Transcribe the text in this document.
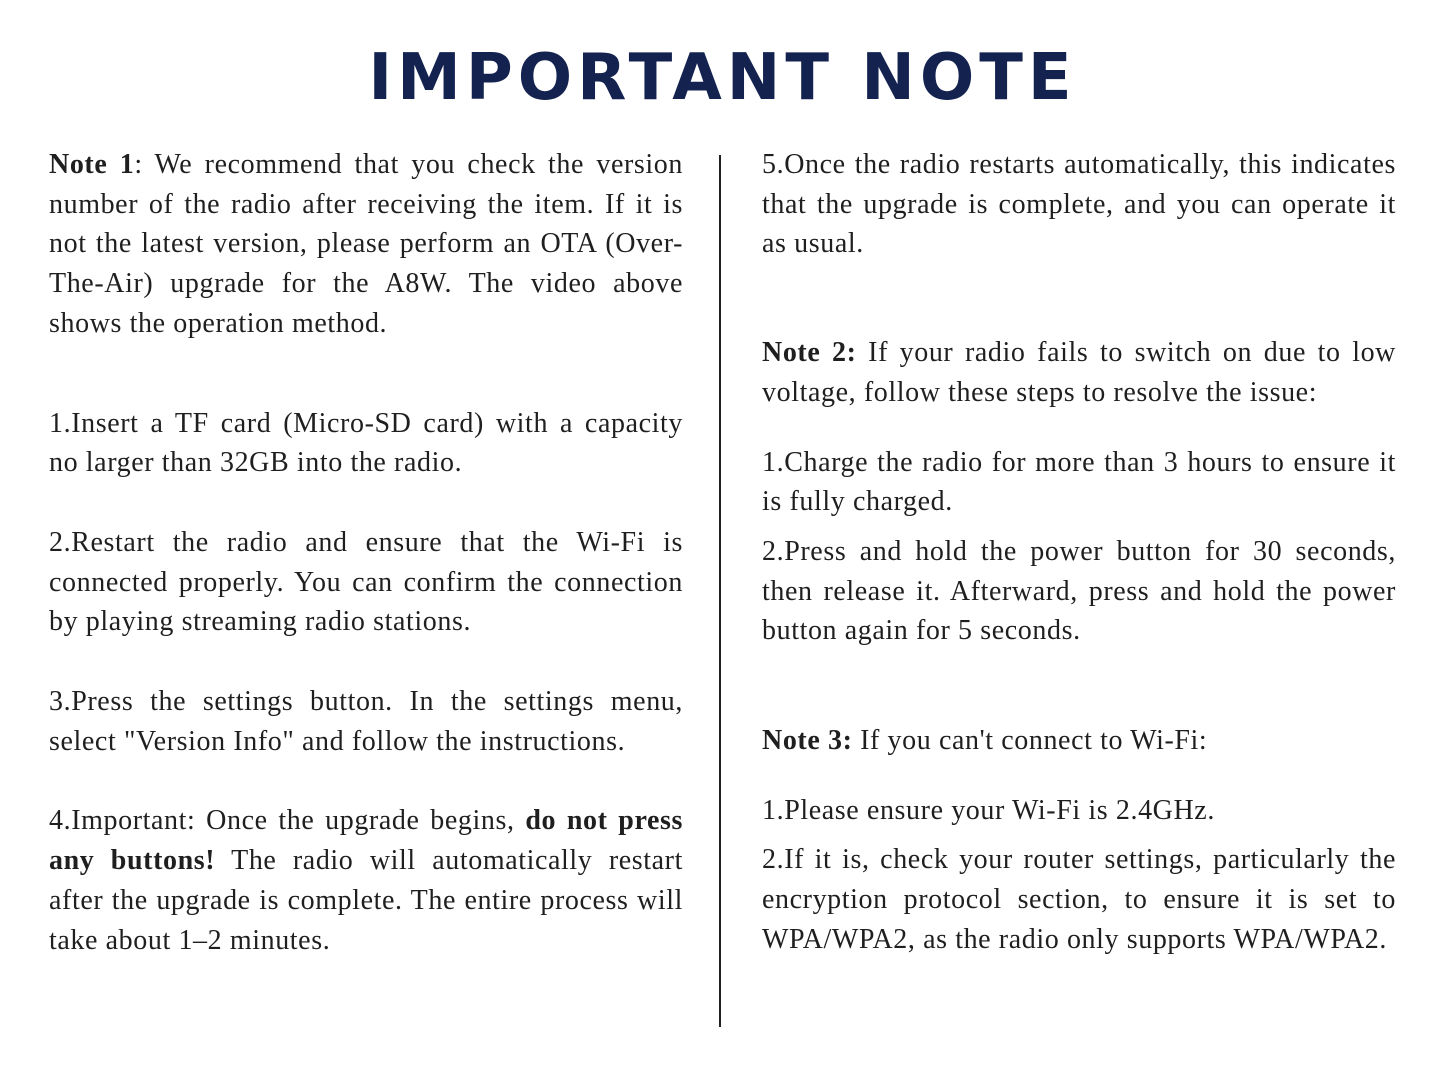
IMPORTANT NOTE

Note 1: We recommend that you check the version number of the radio after receiving the item. If it is not the latest version, please perform an OTA (Over-The-Air) upgrade for the A8W. The video above shows the operation method.

1.Insert a TF card (Micro-SD card) with a capacity no larger than 32GB into the radio.

2.Restart the radio and ensure that the Wi-Fi is connected properly. You can confirm the connection by playing streaming radio stations.

3.Press the settings button. In the settings menu, select "Version Info" and follow the instructions.

4.Important: Once the upgrade begins, do not press any buttons! The radio will automatically restart after the upgrade is complete. The entire process will take about 1–2 minutes.

5.Once the radio restarts automatically, this indicates that the upgrade is complete, and you can operate it as usual.

Note 2: If your radio fails to switch on due to low voltage, follow these steps to resolve the issue:

1.Charge the radio for more than 3 hours to ensure it is fully charged.

2.Press and hold the power button for 30 seconds, then release it. Afterward, press and hold the power button again for 5 seconds.

Note 3: If you can't connect to Wi-Fi:

1.Please ensure your Wi-Fi is 2.4GHz.

2.If it is, check your router settings, particularly the encryption protocol section, to ensure it is set to WPA/WPA2, as the radio only supports WPA/WPA2.
